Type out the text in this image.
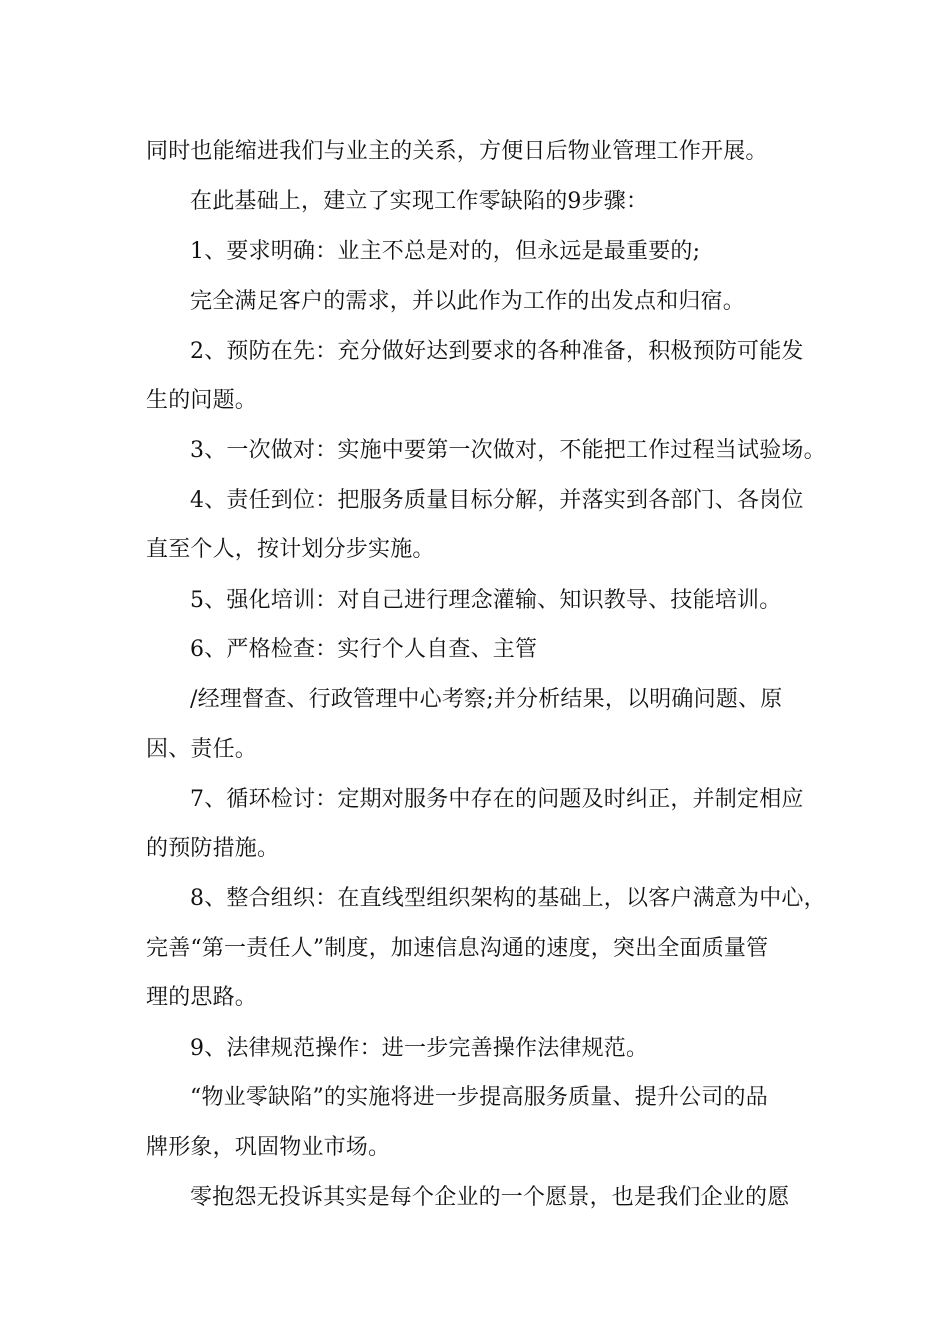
同时也能缩进我们与业主的关系，方便日后物业管理工作开展。
在此基础上，建立了实现工作零缺陷的9步骤：
1、要求明确：业主不总是对的，但永远是最重要的;
完全满足客户的需求，并以此作为工作的出发点和归宿。
2、预防在先：充分做好达到要求的各种准备，积极预防可能发
生的问题。
3、一次做对：实施中要第一次做对，不能把工作过程当试验场。
4、责任到位：把服务质量目标分解，并落实到各部门、各岗位
直至个人，按计划分步实施。
5、强化培训：对自己进行理念灌输、知识教导、技能培训。
6、严格检查：实行个人自查、主管
/经理督查、行政管理中心考察;并分析结果，以明确问题、原
因、责任。
7、循环检讨：定期对服务中存在的问题及时纠正，并制定相应
的预防措施。
8、整合组织：在直线型组织架构的基础上，以客户满意为中心，
完善“第一责任人”制度，加速信息沟通的速度，突出全面质量管
理的思路。
9、法律规范操作：进一步完善操作法律规范。
“物业零缺陷”的实施将进一步提高服务质量、提升公司的品
牌形象，巩固物业市场。
零抱怨无投诉其实是每个企业的一个愿景，也是我们企业的愿
